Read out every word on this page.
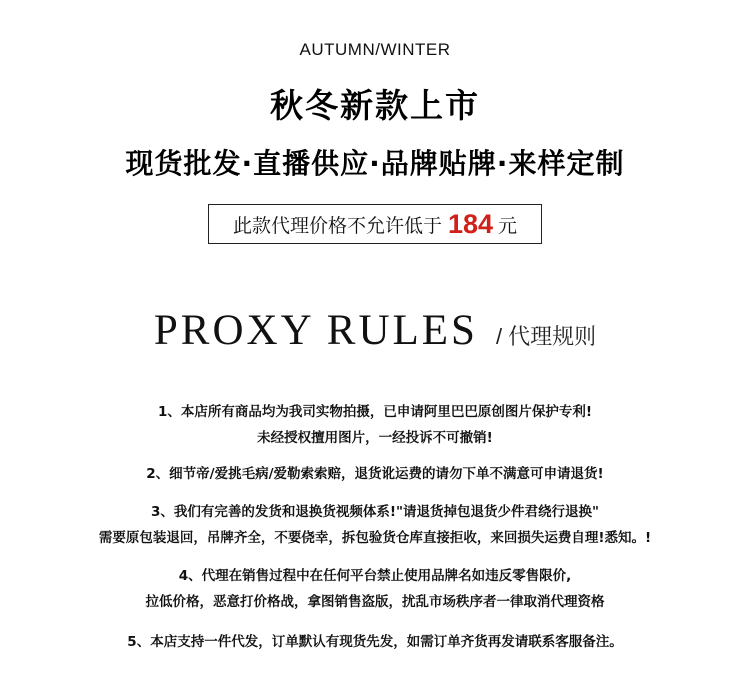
AUTUMN/WINTER
秋冬新款上市
现货批发·直播供应·品牌贴牌·来样定制
此款代理价格不允许低于 184 元
PROXY RULES / 代理规则
1、本店所有商品均为我司实物拍摄，已申请阿里巴巴原创图片保护专利!
未经授权擅用图片，一经投诉不可撤销!
2、细节帝/爱挑毛病/爱勒索索赔，退货讹运费的请勿下单不满意可申请退货!
3、我们有完善的发货和退换货视频体系!"请退货掉包退货少件君绕行退换"
需要原包装退回，吊牌齐全，不要侥幸，拆包验货仓库直接拒收，来回损失运费自理!悉知。!
4、代理在销售过程中在任何平台禁止使用品牌名如违反零售限价,
拉低价格，恶意打价格战，拿图销售盗版，扰乱市场秩序者一律取消代理资格
5、本店支持一件代发，订单默认有现货先发，如需订单齐货再发请联系客服备注。
